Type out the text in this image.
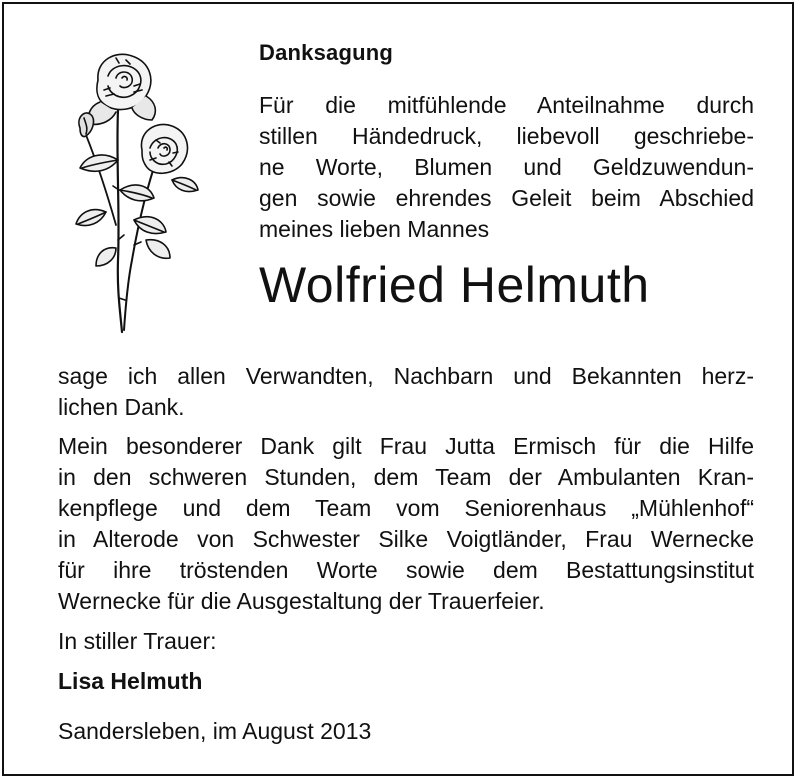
Danksagung
Für die mitfühlende Anteilnahme durch
stillen Händedruck, liebevoll geschriebe-
ne Worte, Blumen und Geldzuwendun-
gen sowie ehrendes Geleit beim Abschied
meines lieben Mannes
Wolfried Helmuth
sage ich allen Verwandten, Nachbarn und Bekannten herz-
lichen Dank.
Mein besonderer Dank gilt Frau Jutta Ermisch für die Hilfe
in den schweren Stunden, dem Team der Ambulanten Kran-
kenpflege und dem Team vom Seniorenhaus „Mühlenhof“
in Alterode von Schwester Silke Voigtländer, Frau Wernecke
für ihre tröstenden Worte sowie dem Bestattungsinstitut
Wernecke für die Ausgestaltung der Trauerfeier.
In stiller Trauer:
Lisa Helmuth
Sandersleben, im August 2013
